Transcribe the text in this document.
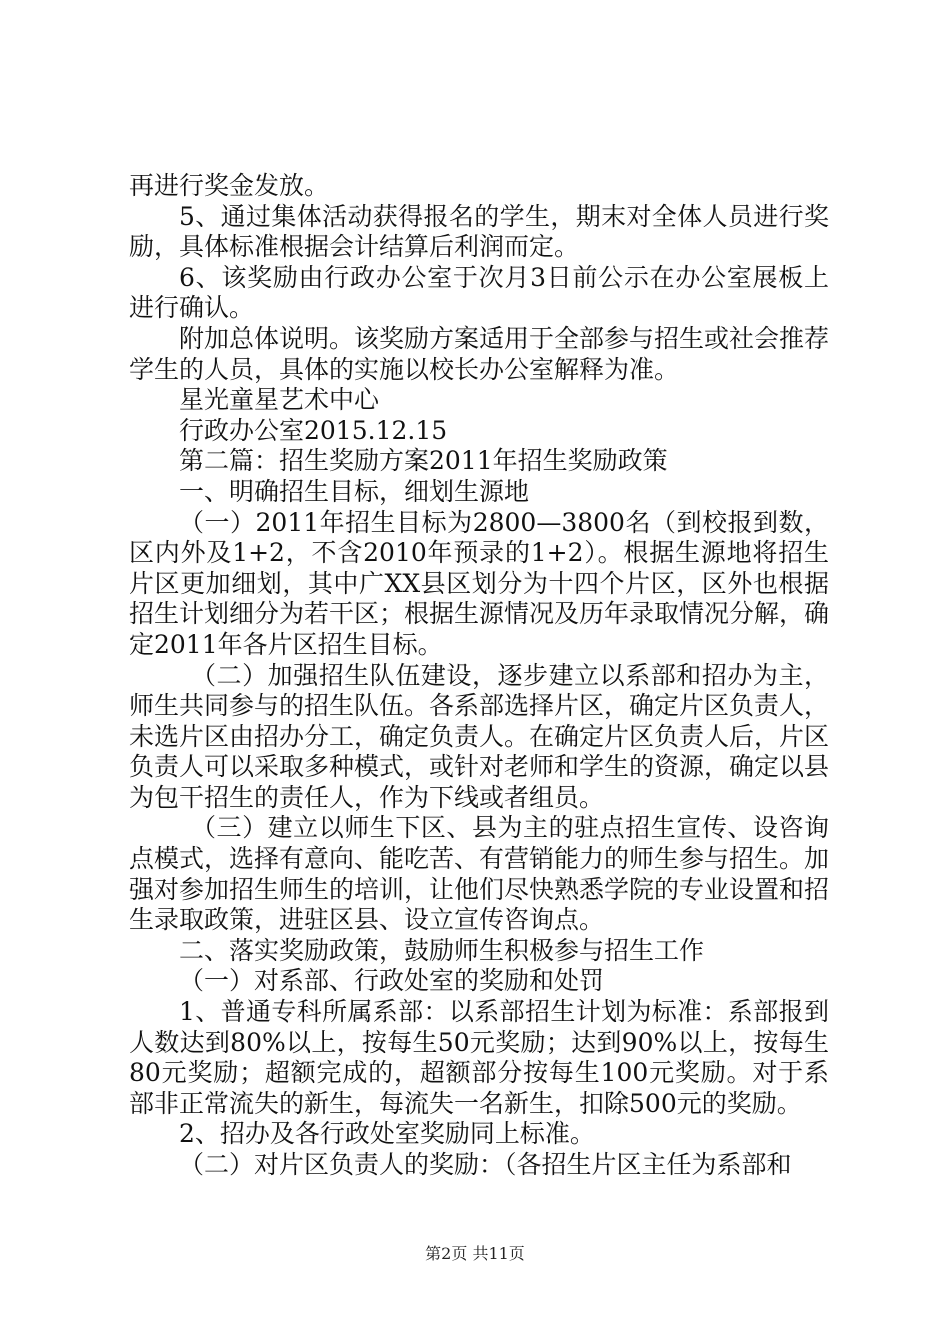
再进行奖金发放。

5、通过集体活动获得报名的学生，期末对全体人员进行奖励，具体标准根据会计结算后利润而定。

6、该奖励由行政办公室于次月3日前公示在办公室展板上进行确认。

附加总体说明。该奖励方案适用于全部参与招生或社会推荐学生的人员，具体的实施以校长办公室解释为准。

星光童星艺术中心

行政办公室2015.12.15

第二篇：招生奖励方案2011年招生奖励政策

一、明确招生目标，细划生源地

（一）2011年招生目标为2800—3800名（到校报到数，区内外及1+2，不含2010年预录的1+2）。根据生源地将招生片区更加细划，其中广XX县区划分为十四个片区，区外也根据招生计划细分为若干区；根据生源情况及历年录取情况分解，确定2011年各片区招生目标。

（二）加强招生队伍建设，逐步建立以系部和招办为主，师生共同参与的招生队伍。各系部选择片区，确定片区负责人，未选片区由招办分工，确定负责人。在确定片区负责人后，片区负责人可以采取多种模式，或针对老师和学生的资源，确定以县为包干招生的责任人，作为下线或者组员。

（三）建立以师生下区、县为主的驻点招生宣传、设咨询点模式，选择有意向、能吃苦、有营销能力的师生参与招生。加强对参加招生师生的培训，让他们尽快熟悉学院的专业设置和招生录取政策，进驻区县、设立宣传咨询点。

二、落实奖励政策，鼓励师生积极参与招生工作

（一）对系部、行政处室的奖励和处罚

1、普通专科所属系部：以系部招生计划为标准：系部报到人数达到80%以上，按每生50元奖励；达到90%以上，按每生80元奖励；超额完成的，超额部分按每生100元奖励。对于系部非正常流失的新生，每流失一名新生，扣除500元的奖励。

2、招办及各行政处室奖励同上标准。

（二）对片区负责人的奖励：（各招生片区主任为系部和

第2页 共11页
